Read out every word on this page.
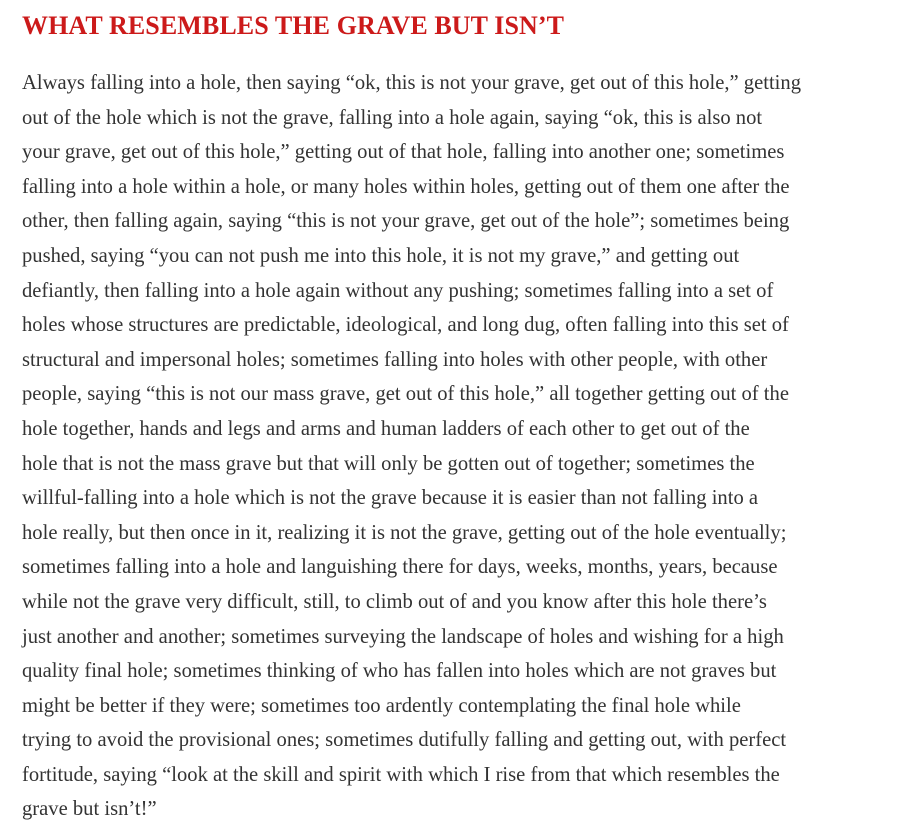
WHAT RESEMBLES THE GRAVE BUT ISN’T

Always falling into a hole, then saying “ok, this is not your grave, get out of this hole,” getting
out of the hole which is not the grave, falling into a hole again, saying “ok, this is also not
your grave, get out of this hole,” getting out of that hole, falling into another one; sometimes
falling into a hole within a hole, or many holes within holes, getting out of them one after the
other, then falling again, saying “this is not your grave, get out of the hole”; sometimes being
pushed, saying “you can not push me into this hole, it is not my grave,” and getting out
defiantly, then falling into a hole again without any pushing; sometimes falling into a set of
holes whose structures are predictable, ideological, and long dug, often falling into this set of
structural and impersonal holes; sometimes falling into holes with other people, with other
people, saying “this is not our mass grave, get out of this hole,” all together getting out of the
hole together, hands and legs and arms and human ladders of each other to get out of the
hole that is not the mass grave but that will only be gotten out of together; sometimes the
willful-falling into a hole which is not the grave because it is easier than not falling into a
hole really, but then once in it, realizing it is not the grave, getting out of the hole eventually;
sometimes falling into a hole and languishing there for days, weeks, months, years, because
while not the grave very difficult, still, to climb out of and you know after this hole there’s
just another and another; sometimes surveying the landscape of holes and wishing for a high
quality final hole; sometimes thinking of who has fallen into holes which are not graves but
might be better if they were; sometimes too ardently contemplating the final hole while
trying to avoid the provisional ones; sometimes dutifully falling and getting out, with perfect
fortitude, saying “look at the skill and spirit with which I rise from that which resembles the
grave but isn’t!”
